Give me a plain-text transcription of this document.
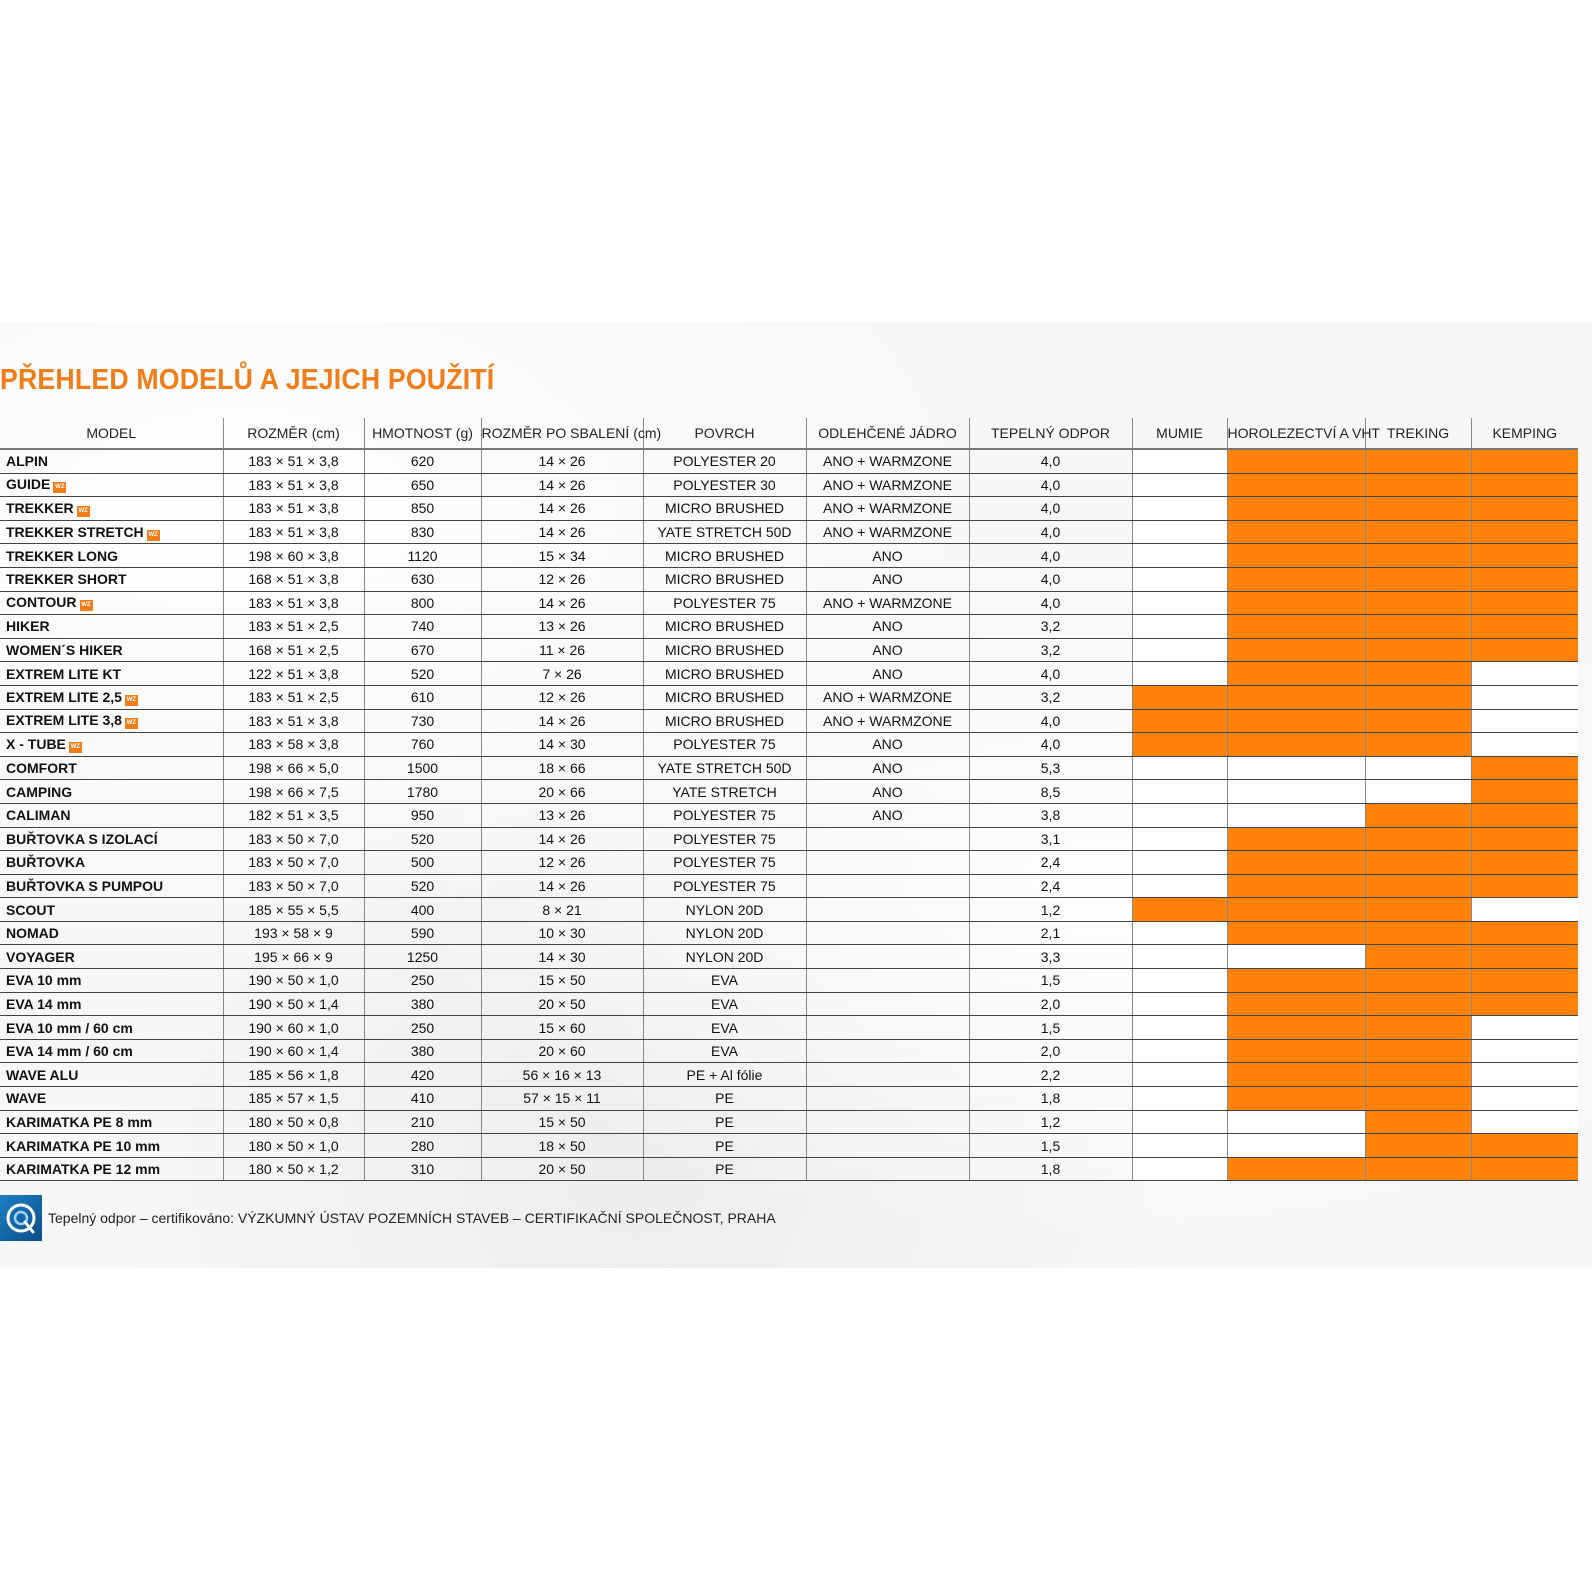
PŘEHLED MODELŮ A JEJICH POUŽITÍ
MODEL	ROZMĚR (cm)	HMOTNOST (g)	ROZMĚR PO SBALENÍ (cm)	POVRCH	ODLEHČENÉ JÁDRO	TEPELNÝ ODPOR	MUMIE	HOROLEZECTVÍ A VHT	TREKING	KEMPING
ALPIN	183 × 51 × 3,8	620	14 × 26	POLYESTER 20	ANO + WARMZONE	4,0				
GUIDE WZ	183 × 51 × 3,8	650	14 × 26	POLYESTER 30	ANO + WARMZONE	4,0				
TREKKER WZ	183 × 51 × 3,8	850	14 × 26	MICRO BRUSHED	ANO + WARMZONE	4,0				
TREKKER STRETCH WZ	183 × 51 × 3,8	830	14 × 26	YATE STRETCH 50D	ANO + WARMZONE	4,0				
TREKKER LONG	198 × 60 × 3,8	1120	15 × 34	MICRO BRUSHED	ANO	4,0				
TREKKER SHORT	168 × 51 × 3,8	630	12 × 26	MICRO BRUSHED	ANO	4,0				
CONTOUR WZ	183 × 51 × 3,8	800	14 × 26	POLYESTER 75	ANO + WARMZONE	4,0				
HIKER	183 × 51 × 2,5	740	13 × 26	MICRO BRUSHED	ANO	3,2				
WOMEN´S HIKER	168 × 51 × 2,5	670	11 × 26	MICRO BRUSHED	ANO	3,2				
EXTREM LITE KT	122 × 51 × 3,8	520	7 × 26	MICRO BRUSHED	ANO	4,0				
EXTREM LITE 2,5 WZ	183 × 51 × 2,5	610	12 × 26	MICRO BRUSHED	ANO + WARMZONE	3,2				
EXTREM LITE 3,8 WZ	183 × 51 × 3,8	730	14 × 26	MICRO BRUSHED	ANO + WARMZONE	4,0				
X - TUBE WZ	183 × 58 × 3,8	760	14 × 30	POLYESTER 75	ANO	4,0				
COMFORT	198 × 66 × 5,0	1500	18 × 66	YATE STRETCH 50D	ANO	5,3				
CAMPING	198 × 66 × 7,5	1780	20 × 66	YATE STRETCH	ANO	8,5				
CALIMAN	182 × 51 × 3,5	950	13 × 26	POLYESTER 75	ANO	3,8				
BUŘTOVKA S IZOLACÍ	183 × 50 × 7,0	520	14 × 26	POLYESTER 75		3,1				
BUŘTOVKA	183 × 50 × 7,0	500	12 × 26	POLYESTER 75		2,4				
BUŘTOVKA S PUMPOU	183 × 50 × 7,0	520	14 × 26	POLYESTER 75		2,4				
SCOUT	185 × 55 × 5,5	400	8 × 21	NYLON 20D		1,2				
NOMAD	193 × 58 × 9	590	10 × 30	NYLON 20D		2,1				
VOYAGER	195 × 66 × 9	1250	14 × 30	NYLON 20D		3,3				
EVA 10 mm	190 × 50 × 1,0	250	15 × 50	EVA		1,5				
EVA 14 mm	190 × 50 × 1,4	380	20 × 50	EVA		2,0				
EVA 10 mm / 60 cm	190 × 60 × 1,0	250	15 × 60	EVA		1,5				
EVA 14 mm / 60 cm	190 × 60 × 1,4	380	20 × 60	EVA		2,0				
WAVE ALU	185 × 56 × 1,8	420	56 × 16 × 13	PE + Al fólie		2,2				
WAVE	185 × 57 × 1,5	410	57 × 15 × 11	PE		1,8				
KARIMATKA PE 8 mm	180 × 50 × 0,8	210	15 × 50	PE		1,2				
KARIMATKA PE 10 mm	180 × 50 × 1,0	280	18 × 50	PE		1,5				
KARIMATKA PE 12 mm	180 × 50 × 1,2	310	20 × 50	PE		1,8				
Tepelný odpor – certifikováno: VÝZKUMNÝ ÚSTAV POZEMNÍCH STAVEB – CERTIFIKAČNÍ SPOLEČNOST, PRAHA
